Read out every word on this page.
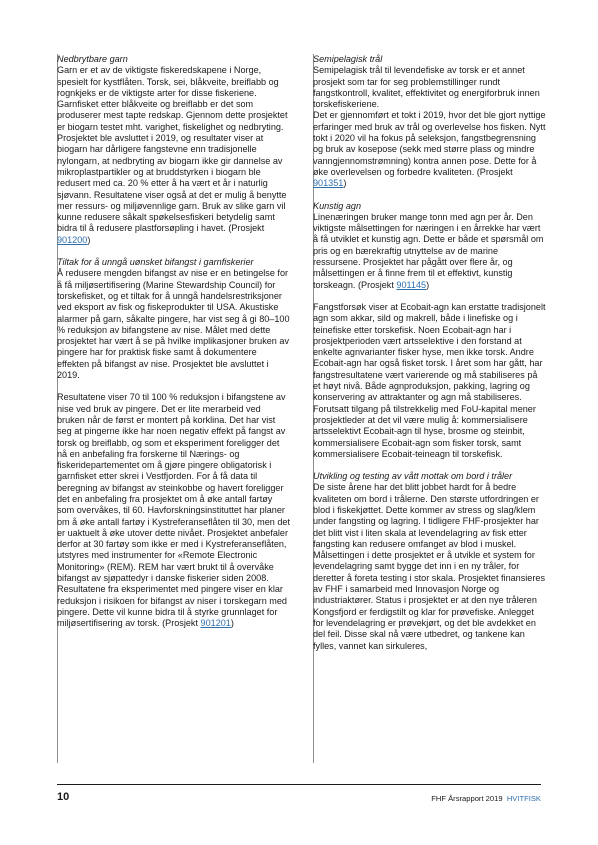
Nedbrytbare garn

Garn er et av de viktigste fiskeredskapene i Norge, spesielt for kystflåten. Torsk, sei, blåkveite, breiflabb og rognkjeks er de viktigste arter for disse fiskeriene. Garnfisket etter blåkveite og breiflabb er det som produserer mest tapte redskap. Gjennom dette prosjektet er biogarn testet mht. varighet, fiskelighet og nedbryting. Prosjektet ble avsluttet i 2019, og resultater viser at biogarn har dårligere fangstevne enn tradisjonelle nylongarn, at nedbryting av biogarn ikke gir dannelse av mikroplastpartikler og at bruddstyrken i biogarn ble redusert med ca. 20 % etter å ha vært et år i naturlig sjøvann. Resultatene viser også at det er mulig å benytte mer ressurs- og miljøvennlige garn. Bruk av slike garn vil kunne redusere såkalt spøkelsesfiskeri betydelig samt bidra til å redusere plastforsøpling i havet. (Prosjekt 901200)

Tiltak for å unngå uønsket bifangst i garnfiskerier

Å redusere mengden bifangst av nise er en betingelse for å få miljøsertifisering (Marine Stewardship Council) for torskefisket, og et tiltak for å unngå handelsrestriksjoner ved eksport av fisk og fiskeprodukter til USA. Akustiske alarmer på garn, såkalte pingere, har vist seg å gi 80–100 % reduksjon av bifangstene av nise. Målet med dette prosjektet har vært å se på hvilke implikasjoner bruken av pingere har for praktisk fiske samt å dokumentere effekten på bifangst av nise. Prosjektet ble avsluttet i 2019.

Resultatene viser 70 til 100 % reduksjon i bifangstene av nise ved bruk av pingere. Det er lite merarbeid ved bruken når de først er montert på korklina. Det har vist seg at pingerne ikke har noen negativ effekt på fangst av torsk og breiflabb, og som et eksperiment foreligger det nå en anbefaling fra forskerne til Nærings- og fiskeridepartementet om å gjøre pingere obligatorisk i garnfisket etter skrei i Vestfjorden. For å få data til beregning av bifangst av steinkobbe og havert foreligger det en anbefaling fra prosjektet om å øke antall fartøy som overvåkes, til 60. Havforskningsinstituttet har planer om å øke antall fartøy i Kystreferanseflåten til 30, men det er uaktuelt å øke utover dette nivået. Prosjektet anbefaler derfor at 30 fartøy som ikke er med i Kystreferanseflåten, utstyres med instrumenter for «Remote Electronic Monitoring» (REM). REM har vært brukt til å overvåke bifangst av sjøpattedyr i danske fiskerier siden 2008. Resultatene fra eksperimentet med pingere viser en klar reduksjon i risikoen for bifangst av niser i torskegarn med pingere. Dette vil kunne bidra til å styrke grunnlaget for miljøsertifisering av torsk. (Prosjekt 901201)

Semipelagisk trål

Semipelagisk trål til levendefiske av torsk er et annet prosjekt som tar for seg problemstillinger rundt fangstkontroll, kvalitet, effektivitet og energiforbruk innen torskefiskeriene.

Det er gjennomført et tokt i 2019, hvor det ble gjort nyttige erfaringer med bruk av trål og overlevelse hos fisken. Nytt tokt i 2020 vil ha fokus på seleksjon, fangstbegrensning og bruk av kosepose (sekk med større plass og mindre vanngjennomstrømning) kontra annen pose. Dette for å øke overlevelsen og forbedre kvaliteten. (Prosjekt 901351)

Kunstig agn

Linenæringen bruker mange tonn med agn per år. Den viktigste målsettingen for næringen i en årrekke har vært å få utviklet et kunstig agn. Dette er både et spørsmål om pris og en bærekraftig utnyttelse av de marine ressursene. Prosjektet har pågått over flere år, og målsettingen er å finne frem til et effektivt, kunstig torskeagn. (Prosjekt 901145)

Fangstforsøk viser at Ecobait-agn kan erstatte tradisjonelt agn som akkar, sild og makrell, både i linefiske og i teinefiske etter torskefisk. Noen Ecobait-agn har i prosjektperioden vært artsselektive i den forstand at enkelte agnvarianter fisker hyse, men ikke torsk. Andre Ecobait-agn har også fisket torsk. I året som har gått, har fangstresultatene vært varierende og må stabiliseres på et høyt nivå. Både agnproduksjon, pakking, lagring og konservering av attraktanter og agn må stabiliseres. Forutsatt tilgang på tilstrekkelig med FoU-kapital mener prosjektleder at det vil være mulig å: kommersialisere artsselektivt Ecobait-agn til hyse, brosme og steinbit, kommersialisere Ecobait-agn som fisker torsk, samt kommersialisere Ecobait-teineagn til torskefisk.

Utvikling og testing av vått mottak om bord i tråler

De siste årene har det blitt jobbet hardt for å bedre kvaliteten om bord i trålerne. Den største utfordringen er blod i fiskekjøttet. Dette kommer av stress og slag/klem under fangsting og lagring. I tidligere FHF-prosjekter har det blitt vist i liten skala at levendelagring av fisk etter fangsting kan redusere omfanget av blod i muskel. Målsettingen i dette prosjektet er å utvikle et system for levendelagring samt bygge det inn i en ny tråler, for deretter å foreta testing i stor skala. Prosjektet finansieres av FHF i samarbeid med Innovasjon Norge og industriaktører. Status i prosjektet er at den nye tråleren Kongsfjord er ferdigstilt og klar for prøvefiske. Anlegget for levendelagring er prøvekjørt, og det ble avdekket en del feil. Disse skal nå være utbedret, og tankene kan fylles, vannet kan sirkuleres,

10	FHF Årsrapport 2019 HVITFISK
